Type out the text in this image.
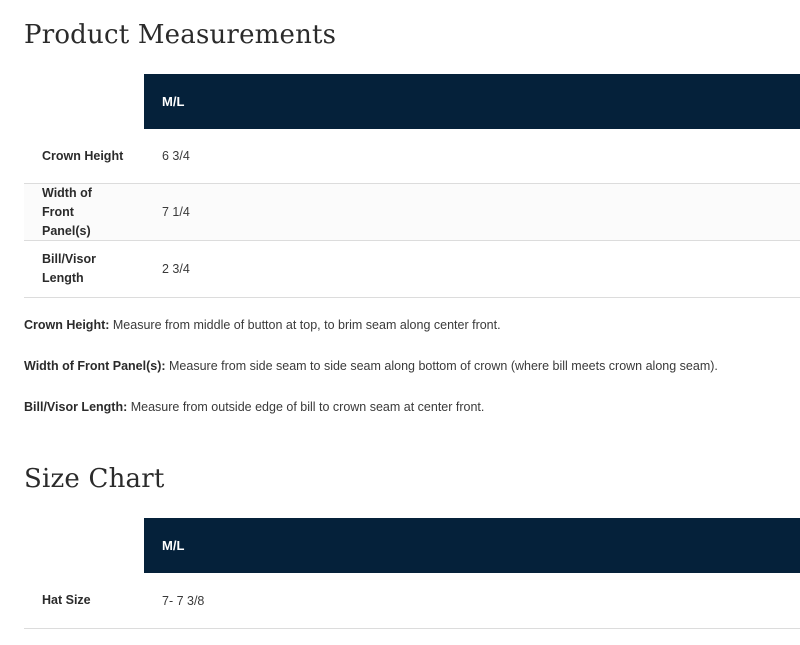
Product Measurements
M/L
Crown Height	6 3/4
Width of Front Panel(s)
7 1/4
Bill/Visor Length
2 3/4

Crown Height: Measure from middle of button at top, to brim seam along center front.

Width of Front Panel(s): Measure from side seam to side seam along bottom of crown (where bill meets crown along seam).

Bill/Visor Length: Measure from outside edge of bill to crown seam at center front.

Size Chart
M/L
Hat Size	7- 7 3/8
